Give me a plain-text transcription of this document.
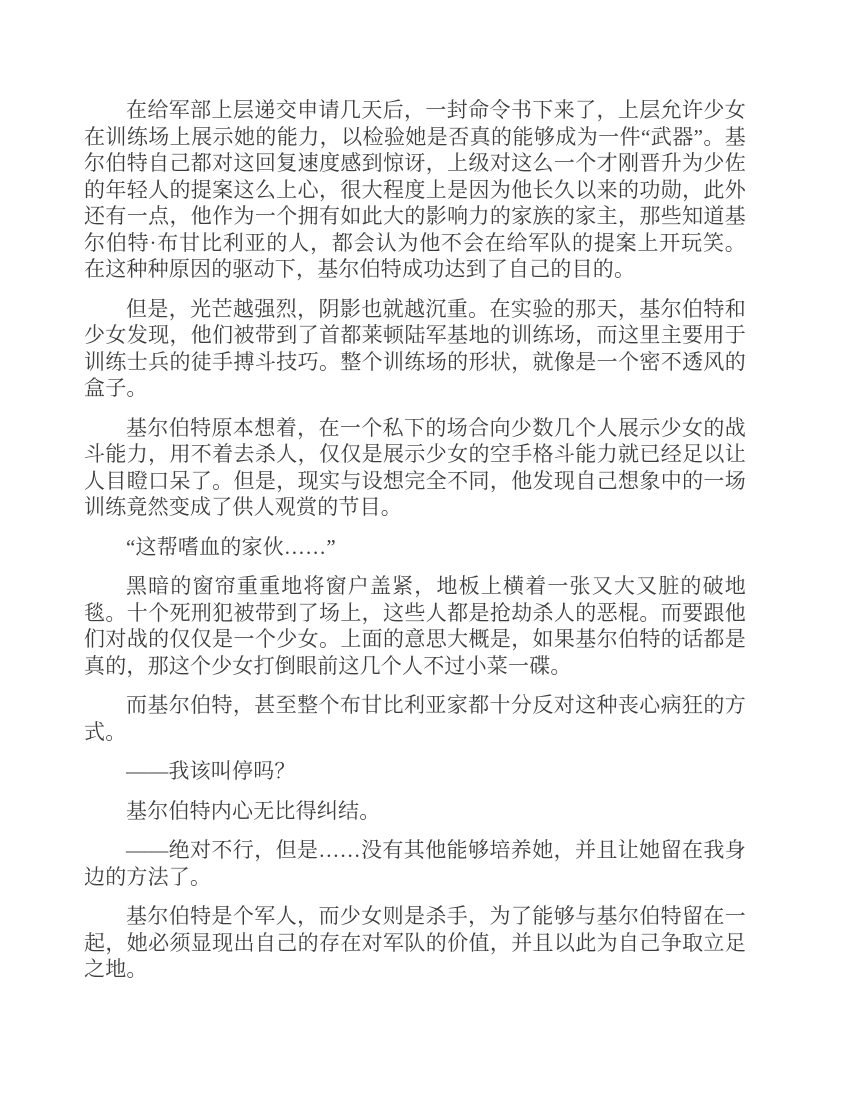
在给军部上层递交申请几天后，一封命令书下来了，上层允许少女在训练场上展示她的能力，以检验她是否真的能够成为一件“武器”。基尔伯特自己都对这回复速度感到惊讶，上级对这么一个才刚晋升为少佐的年轻人的提案这么上心，很大程度上是因为他长久以来的功勋，此外还有一点，他作为一个拥有如此大的影响力的家族的家主，那些知道基尔伯特·布甘比利亚的人，都会认为他不会在给军队的提案上开玩笑。在这种种原因的驱动下，基尔伯特成功达到了自己的目的。

但是，光芒越强烈，阴影也就越沉重。在实验的那天，基尔伯特和少女发现，他们被带到了首都莱顿陆军基地的训练场，而这里主要用于训练士兵的徒手搏斗技巧。整个训练场的形状，就像是一个密不透风的盒子。

基尔伯特原本想着，在一个私下的场合向少数几个人展示少女的战斗能力，用不着去杀人，仅仅是展示少女的空手格斗能力就已经足以让人目瞪口呆了。但是，现实与设想完全不同，他发现自己想象中的一场训练竟然变成了供人观赏的节目。

“这帮嗜血的家伙……”

黑暗的窗帘重重地将窗户盖紧，地板上横着一张又大又脏的破地毯。十个死刑犯被带到了场上，这些人都是抢劫杀人的恶棍。而要跟他们对战的仅仅是一个少女。上面的意思大概是，如果基尔伯特的话都是真的，那这个少女打倒眼前这几个人不过小菜一碟。

而基尔伯特，甚至整个布甘比利亚家都十分反对这种丧心病狂的方式。

——我该叫停吗？

基尔伯特内心无比得纠结。

——绝对不行，但是……没有其他能够培养她，并且让她留在我身边的方法了。

基尔伯特是个军人，而少女则是杀手，为了能够与基尔伯特留在一起，她必须显现出自己的存在对军队的价值，并且以此为自己争取立足之地。
